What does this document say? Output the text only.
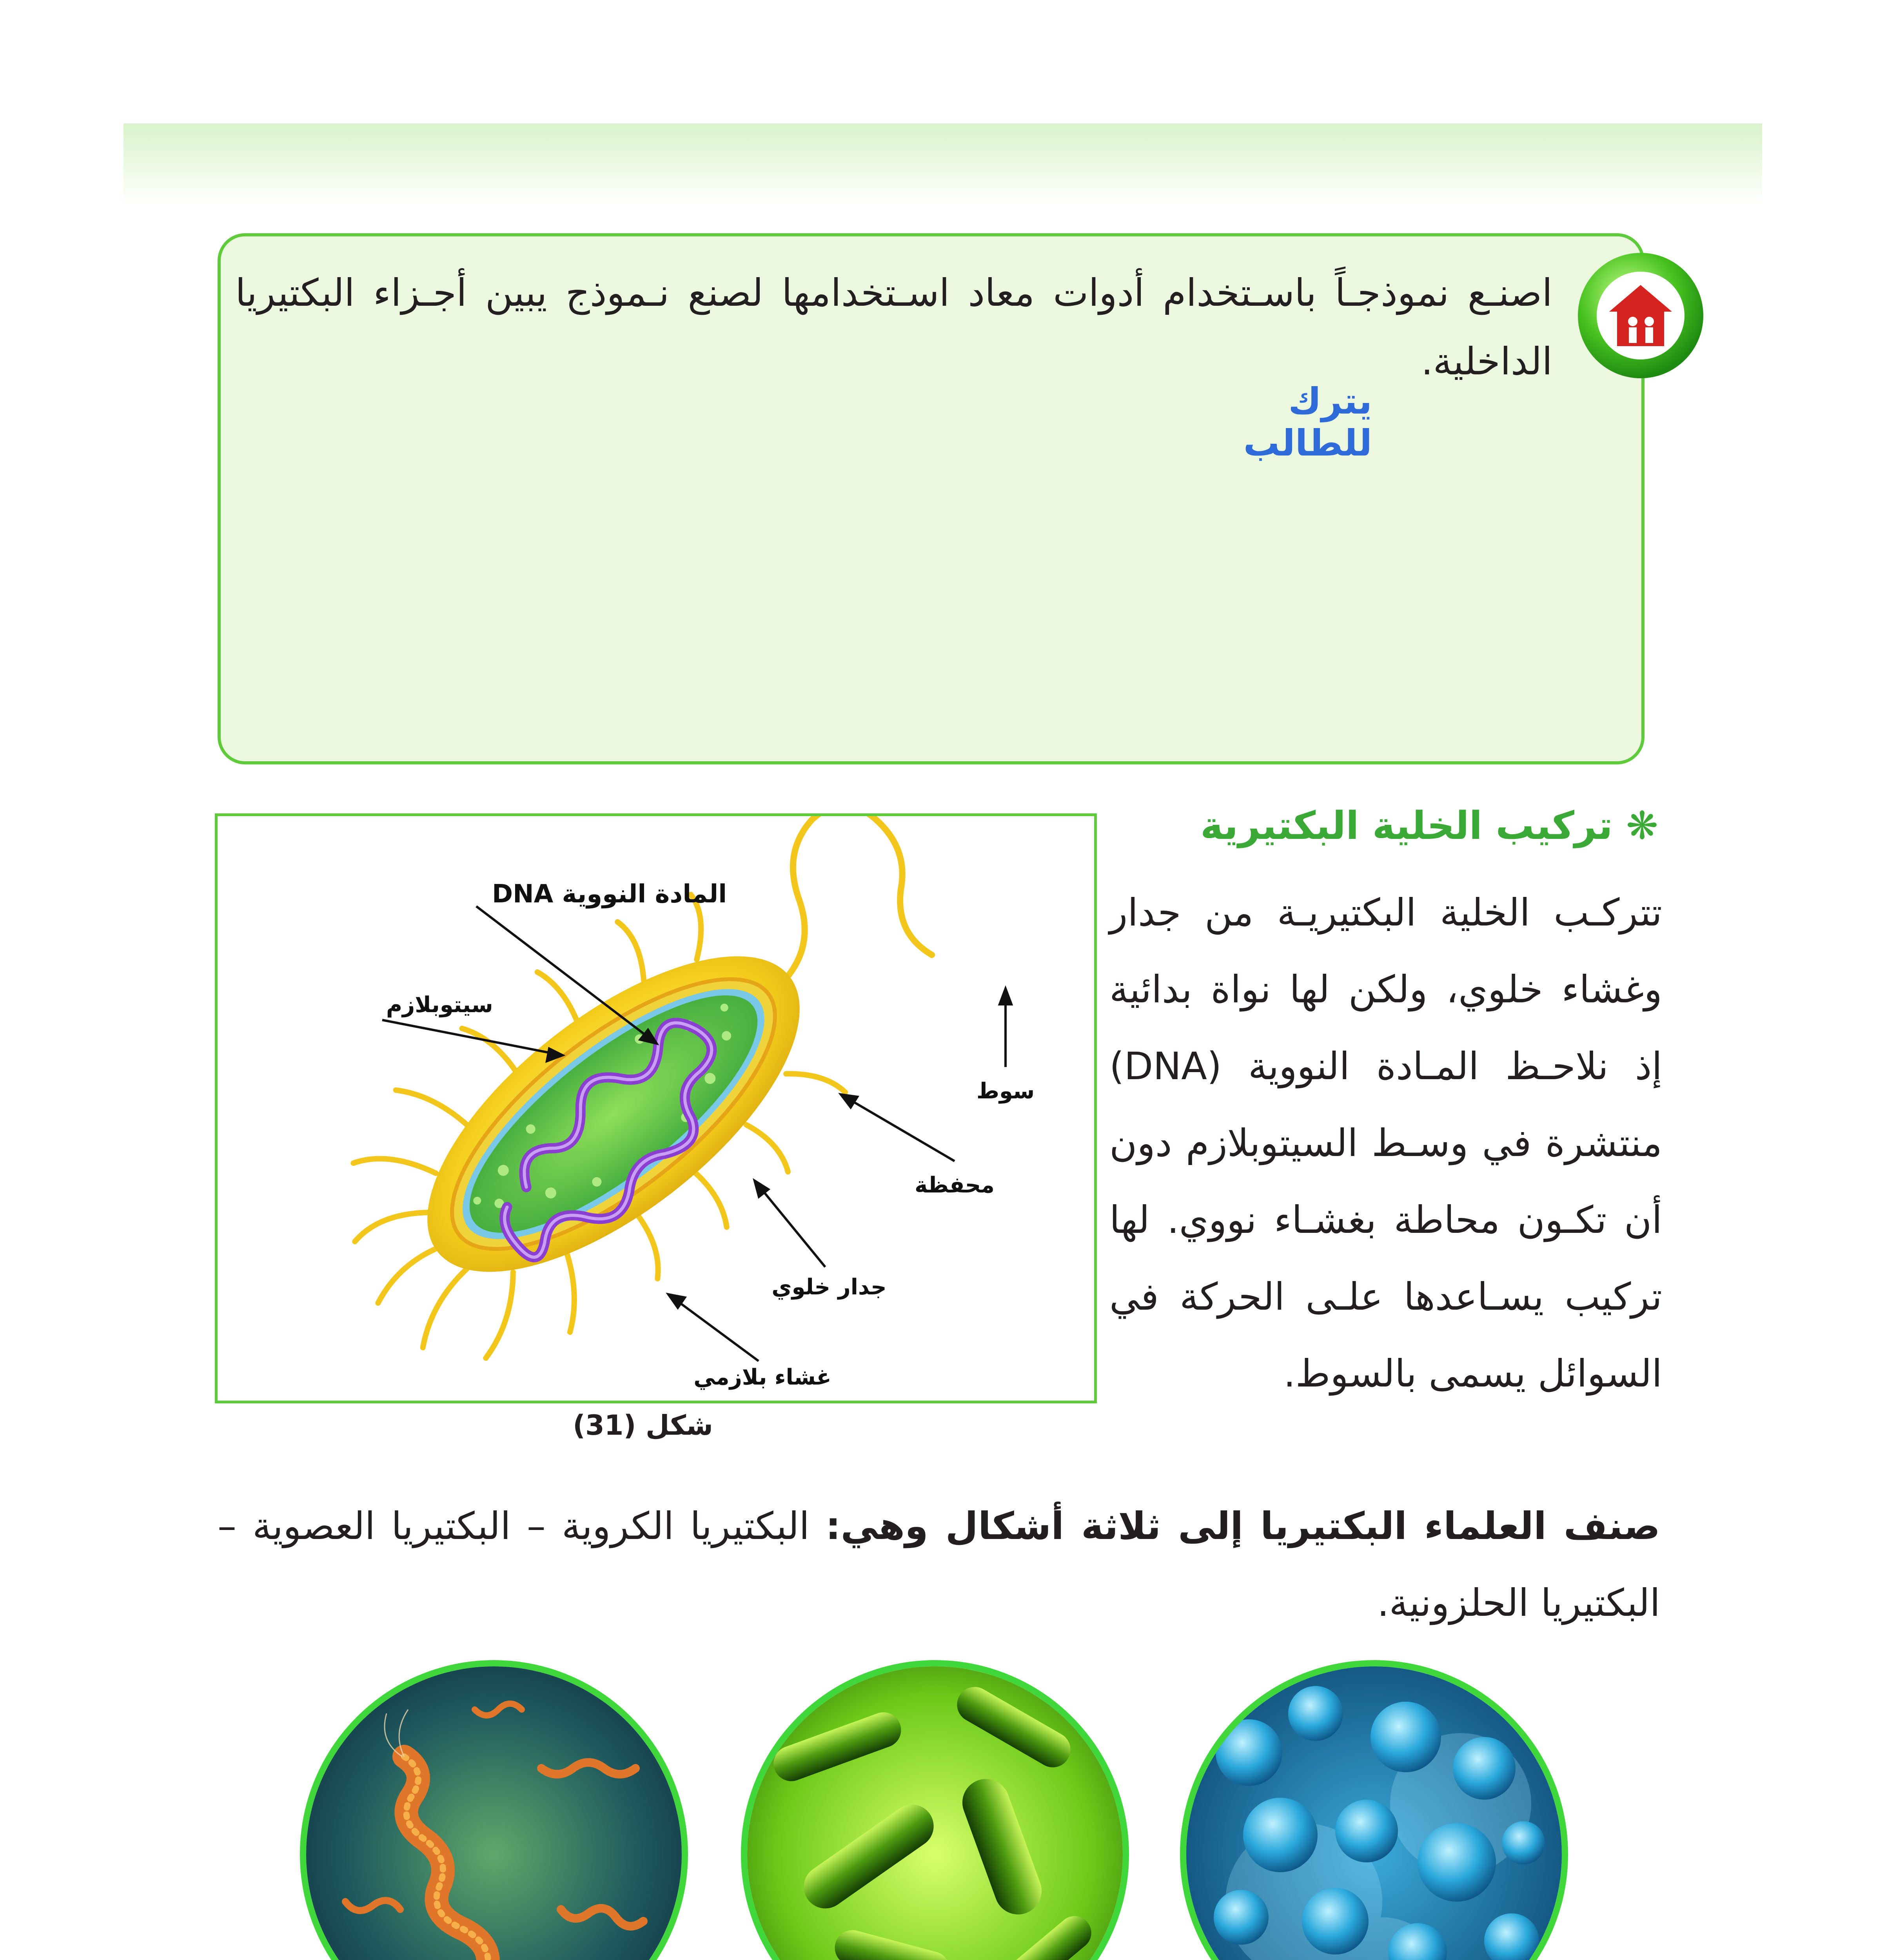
اصنـع نموذجـاً باسـتخدام أدوات معاد اسـتخدامها لصنع نـموذج يبين أجـزاء البكتيريا الداخلية.
يترك للطالب
المادة النووية DNA
سيتوبلازم
سوط
محفظة
جدار خلوي
غشاء بلازمي
شكل (31)
❋ تركيب الخلية البكتيرية
تتركـب الخلية البكتيريـة من جدار وغشاء خلوي، ولكن لها نواة بدائية إذ نلاحـظ المـادة النووية (DNA) منتشرة في وسـط السيتوبلازم دون أن تكـون محاطة بغشـاء نووي. لها تركيب يسـاعدها علـى الحركة في السوائل يسمى بالسوط.
صنف العلماء البكتيريا إلى ثلاثة أشكال وهي: البكتيريا الكروية – البكتيريا العصوية – البكتيريا الحلزونية.
